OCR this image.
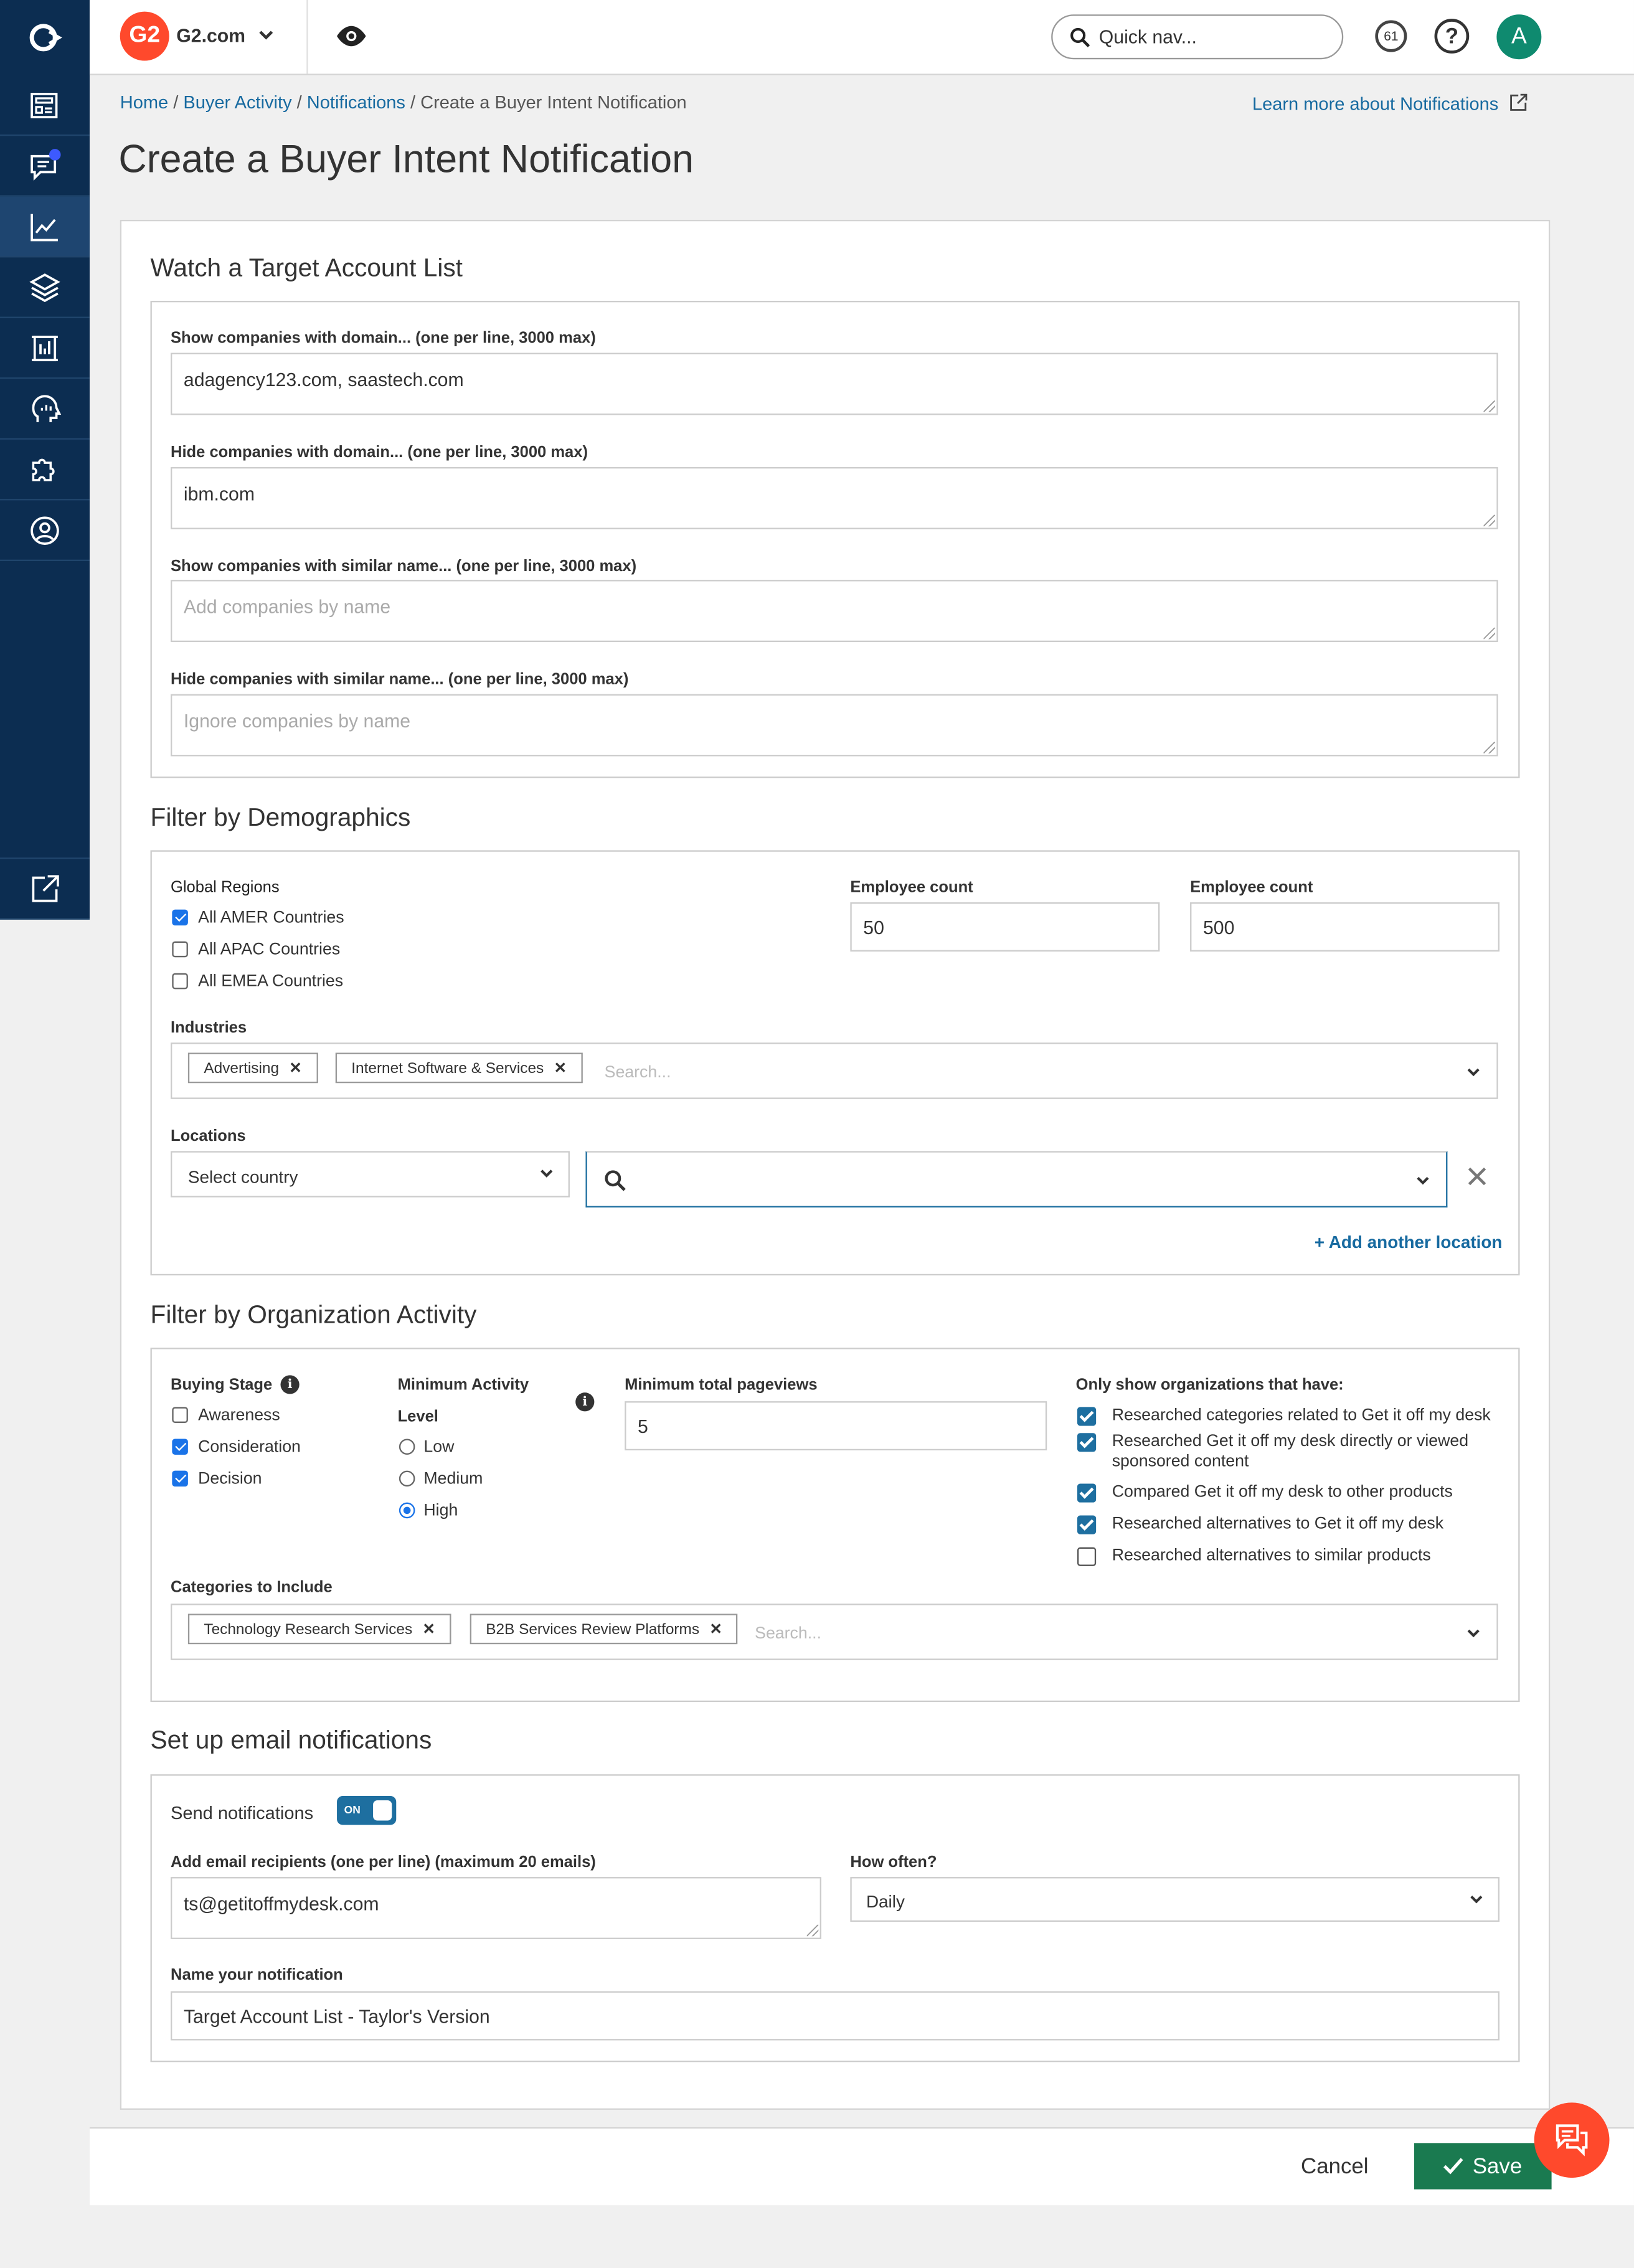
G2	G2.com
Quick nav...	61	?	A
Home / Buyer Activity / Notifications / Create a Buyer Intent Notification	Learn more about Notifications
Create a Buyer Intent Notification
Watch a Target Account List
Show companies with domain... (one per line, 3000 max)
adagency123.com, saastech.com
Hide companies with domain... (one per line, 3000 max)
ibm.com
Show companies with similar name... (one per line, 3000 max)
Add companies by name
Hide companies with similar name... (one per line, 3000 max)
Ignore companies by name
Filter by Demographics
Global Regions
All AMER Countries
All APAC Countries
All EMEA Countries
Employee count
50
Employee count
500
Industries
Advertising ✕	Internet Software & Services ✕	Search...
Locations
Select country
+ Add another location
Filter by Organization Activity
Buying Stage	i
Awareness
Consideration
Decision
Minimum Activity
Level
i
Low
Medium
High
Minimum total pageviews
5
Only show organizations that have:
Researched categories related to Get it off my desk
Researched Get it off my desk directly or viewed
sponsored content
Compared Get it off my desk to other products
Researched alternatives to Get it off my desk
Researched alternatives to similar products
Categories to Include
Technology Research Services ✕	B2B Services Review Platforms ✕	Search...
Set up email notifications
Send notifications	ON
Add email recipients (one per line) (maximum 20 emails)
ts@getitoffmydesk.com
How often?
Daily
Name your notification
Target Account List - Taylor's Version
Cancel	Save
